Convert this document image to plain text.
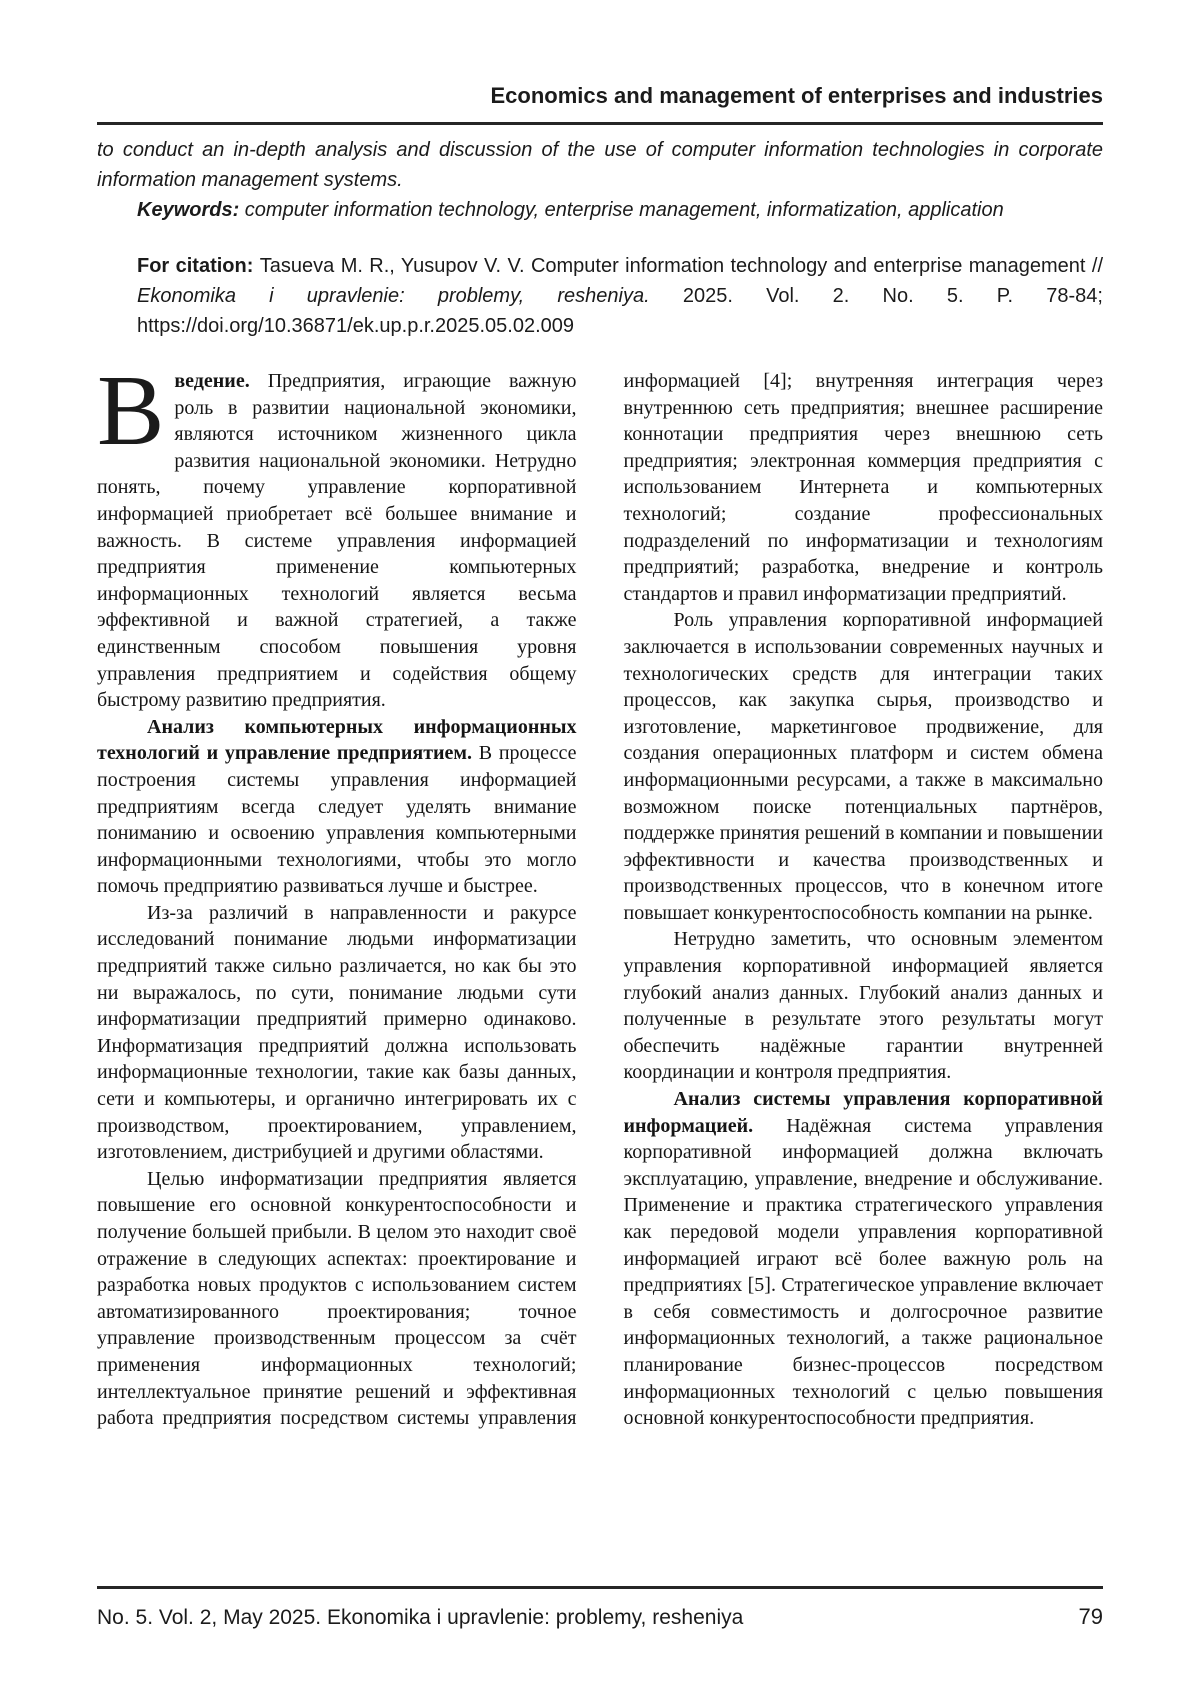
Economics and management of enterprises and industries

to conduct an in-depth analysis and discussion of the use of computer information technologies in corporate information management systems.

Keywords: computer information technology, enterprise management, informatization, application

For citation: Tasueva M. R., Yusupov V. V. Computer information technology and enterprise management // Ekonomika i upravlenie: problemy, resheniya. 2025. Vol. 2. No. 5. P. 78-84; https://doi.org/10.36871/ek.up.p.r.2025.05.02.009

Введение. Предприятия, играющие важную роль в развитии национальной экономики, являются источником жизненного цикла развития национальной экономики. Нетрудно понять, почему управление корпоративной информацией приобретает всё большее внимание и важность. В системе управления информацией предприятия применение компьютерных информационных технологий является весьма эффективной и важной стратегией, а также единственным способом повышения уровня управления предприятием и содействия общему быстрому развитию предприятия.

Анализ компьютерных информационных технологий и управление предприятием. В процессе построения системы управления информацией предприятиям всегда следует уделять внимание пониманию и освоению управления компьютерными информационными технологиями, чтобы это могло помочь предприятию развиваться лучше и быстрее.

Из-за различий в направленности и ракурсе исследований понимание людьми информатизации предприятий также сильно различается, но как бы это ни выражалось, по сути, понимание людьми сути информатизации предприятий примерно одинаково. Информатизация предприятий должна использовать информационные технологии, такие как базы данных, сети и компьютеры, и органично интегрировать их с производством, проектированием, управлением, изготовлением, дистрибуцией и другими областями.

Целью информатизации предприятия является повышение его основной конкурентоспособности и получение большей прибыли. В целом это находит своё отражение в следующих аспектах: проектирование и разработка новых продуктов с использованием систем автоматизированного проектирования; точное управление производственным процессом за счёт применения информационных технологий; интеллектуальное принятие решений и эффективная работа предприятия посредством системы управления

информацией [4]; внутренняя интеграция через внутреннюю сеть предприятия; внешнее расширение коннотации предприятия через внешнюю сеть предприятия; электронная коммерция предприятия с использованием Интернета и компьютерных технологий; создание профессиональных подразделений по информатизации и технологиям предприятий; разработка, внедрение и контроль стандартов и правил информатизации предприятий.

Роль управления корпоративной информацией заключается в использовании современных научных и технологических средств для интеграции таких процессов, как закупка сырья, производство и изготовление, маркетинговое продвижение, для создания операционных платформ и систем обмена информационными ресурсами, а также в максимально возможном поиске потенциальных партнёров, поддержке принятия решений в компании и повышении эффективности и качества производственных и производственных процессов, что в конечном итоге повышает конкурентоспособность компании на рынке.

Нетрудно заметить, что основным элементом управления корпоративной информацией является глубокий анализ данных. Глубокий анализ данных и полученные в результате этого результаты могут обеспечить надёжные гарантии внутренней координации и контроля предприятия.

Анализ системы управления корпоративной информацией. Надёжная система управления корпоративной информацией должна включать эксплуатацию, управление, внедрение и обслуживание. Применение и практика стратегического управления как передовой модели управления корпоративной информацией играют всё более важную роль на предприятиях [5]. Стратегическое управление включает в себя совместимость и долгосрочное развитие информационных технологий, а также рациональное планирование бизнес-процессов посредством информационных технологий с целью повышения основной конкурентоспособности предприятия.

No. 5. Vol. 2, May 2025. Ekonomika i upravlenie: problemy, resheniya	79
